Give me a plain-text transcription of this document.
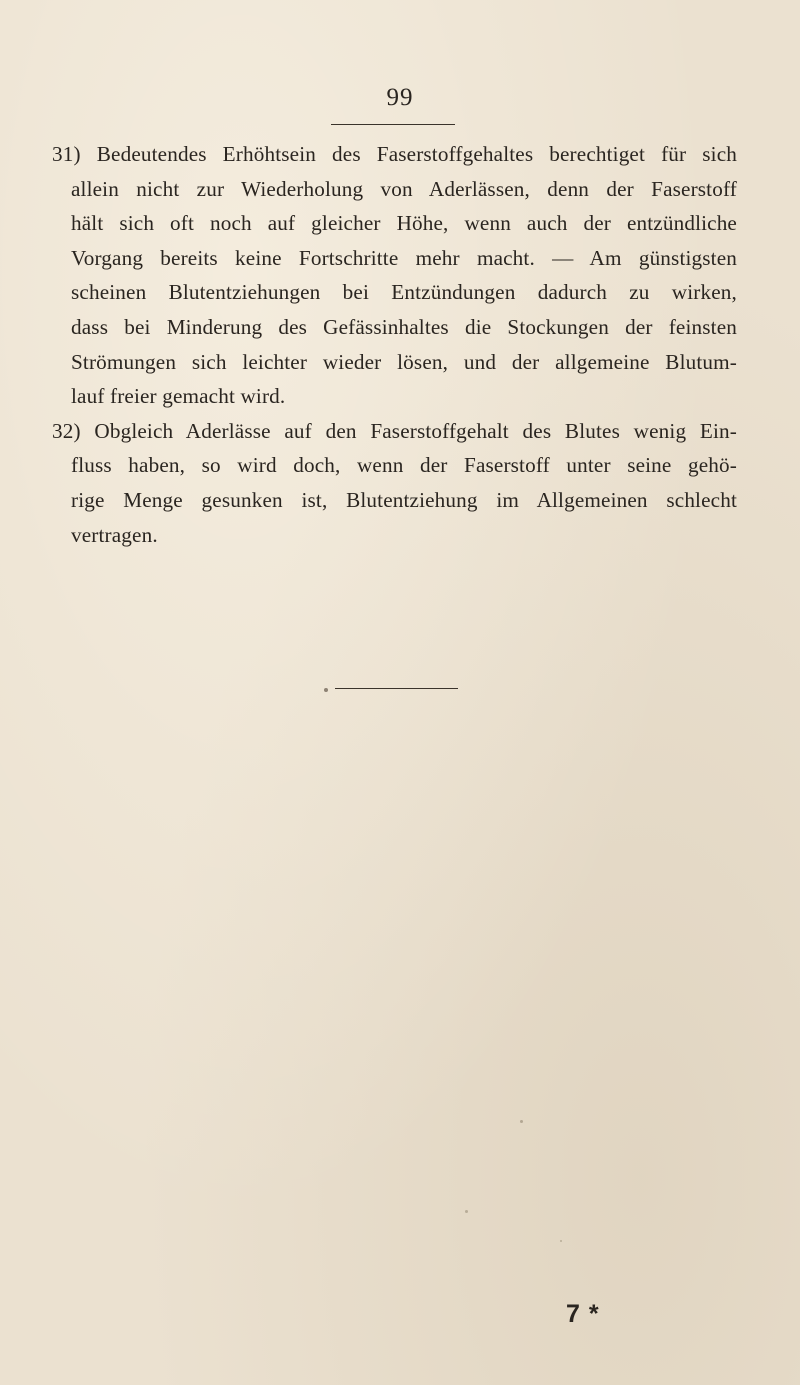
99
31) Bedeutendes Erhöhtsein des Faserstoffgehaltes berechtiget für sich
allein nicht zur Wiederholung von Aderlässen, denn der Faserstoff
hält sich oft noch auf gleicher Höhe, wenn auch der entzündliche
Vorgang bereits keine Fortschritte mehr macht. — Am günstigsten
scheinen Blutentziehungen bei Entzündungen dadurch zu wirken,
dass bei Minderung des Gefässinhaltes die Stockungen der feinsten
Strömungen sich leichter wieder lösen, und der allgemeine Blutum-
lauf freier gemacht wird.
32) Obgleich Aderlässe auf den Faserstoffgehalt des Blutes wenig Ein-
fluss haben, so wird doch, wenn der Faserstoff unter seine gehö-
rige Menge gesunken ist, Blutentziehung im Allgemeinen schlecht
vertragen.
7 *
